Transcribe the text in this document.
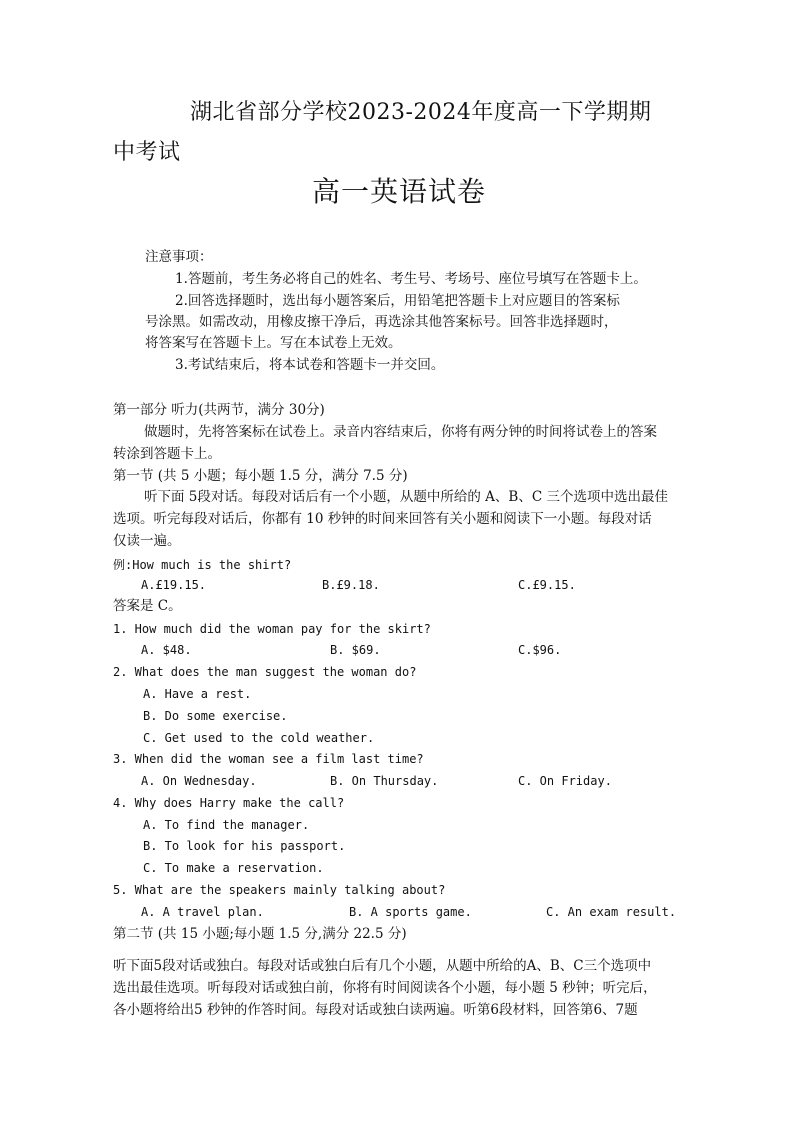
湖北省部分学校2023-2024年度高一下学期期
中考试
高一英语试卷
注意事项：
1.答题前，考生务必将自己的姓名、考生号、考场号、座位号填写在答题卡上。
2.回答选择题时，选出每小题答案后，用铅笔把答题卡上对应题目的答案标
号涂黑。如需改动，用橡皮擦干净后，再选涂其他答案标号。回答非选择题时，
将答案写在答题卡上。写在本试卷上无效。
3.考试结束后，将本试卷和答题卡一并交回。
第一部分 听力(共两节，满分 30分)
做题时，先将答案标在试卷上。录音内容结束后，你将有两分钟的时间将试卷上的答案
转涂到答题卡上。
第一节 (共 5 小题；每小题 1.5 分，满分 7.5 分)
听下面 5段对话。每段对话后有一个小题，从题中所给的 A、B、C 三个选项中选出最佳
选项。听完每段对话后，你都有 10 秒钟的时间来回答有关小题和阅读下一小题。每段对话
仅读一遍。
例:How much is the shirt?
A.£19.15.	B.£9.18.	C.£9.15.
答案是 C。
1. How much did the woman pay for the skirt?
A. $48.	B. $69.	C.$96.
2. What does the man suggest the woman do?
A. Have a rest.
B. Do some exercise.
C. Get used to the cold weather.
3. When did the woman see a film last time?
A. On Wednesday.	B. On Thursday.	C. On Friday.
4. Why does Harry make the call?
A. To find the manager.
B. To look for his passport.
C. To make a reservation.
5. What are the speakers mainly talking about?
A. A travel plan.	B. A sports game.	C. An exam result.
第二节 (共 15 小题;每小题 1.5 分,满分 22.5 分)
听下面5段对话或独白。每段对话或独白后有几个小题，从题中所给的A、B、C三个选项中
选出最佳选项。听每段对话或独白前，你将有时间阅读各个小题，每小题 5 秒钟；听完后，
各小题将给出5 秒钟的作答时间。每段对话或独白读两遍。听第6段材料，回答第6、7题
